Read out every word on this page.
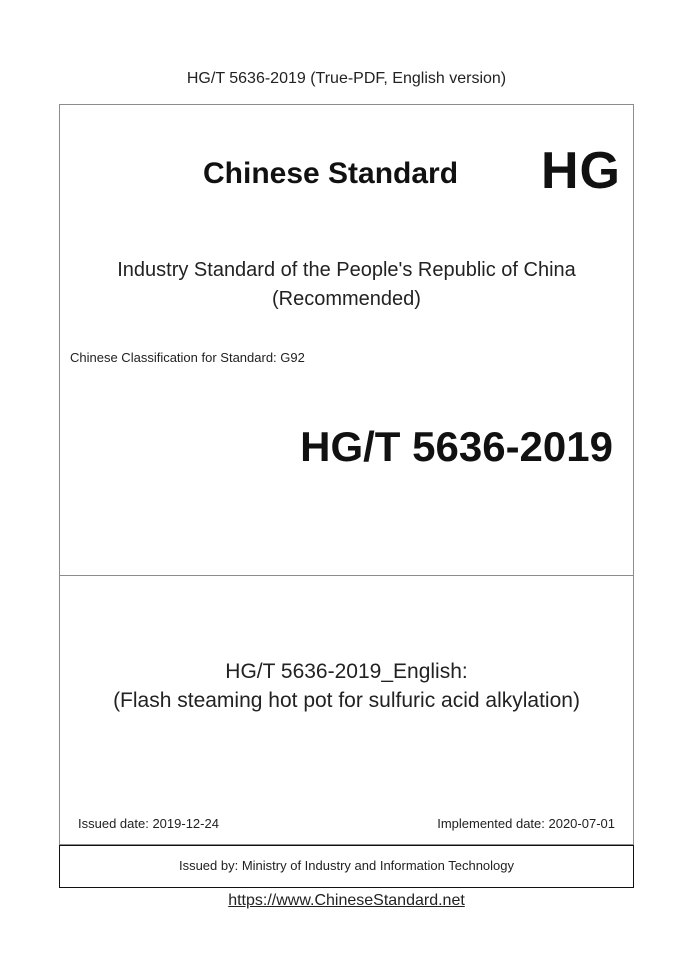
HG/T 5636-2019 (True-PDF, English version)
Chinese Standard HG
Industry Standard of the People's Republic of China
(Recommended)
Chinese Classification for Standard: G92
HG/T 5636-2019
HG/T 5636-2019_English:
(Flash steaming hot pot for sulfuric acid alkylation)
Issued date: 2019-12-24	Implemented date: 2020-07-01
Issued by: Ministry of Industry and Information Technology
https://www.ChineseStandard.net
